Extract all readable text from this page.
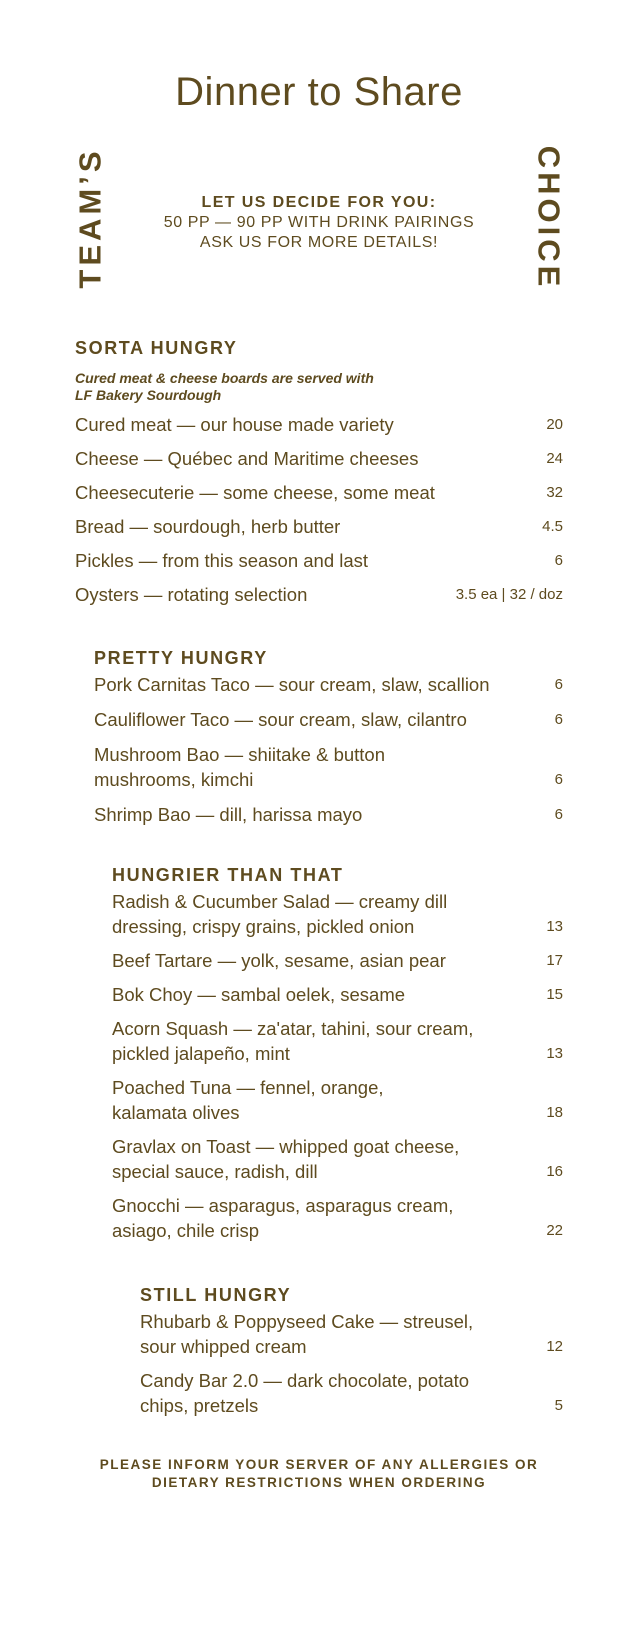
Dinner to Share
TEAM’S	CHOICE
LET US DECIDE FOR YOU:
50 PP — 90 PP WITH DRINK PAIRINGS
ASK US FOR MORE DETAILS!
SORTA HUNGRY

Cured meat & cheese boards are served with
LF Bakery Sourdough

Cured meat — our house made variety	20
Cheese — Québec and Maritime cheeses	24
Cheesecuterie — some cheese, some meat	32
Bread — sourdough, herb butter	4.5
Pickles — from this season and last	6
Oysters — rotating selection	3.5 ea | 32 / doz
PRETTY HUNGRY
Pork Carnitas Taco — sour cream, slaw, scallion	6
Cauliflower Taco — sour cream, slaw, cilantro	6
Mushroom Bao — shiitake & button
mushrooms, kimchi	6
Shrimp Bao — dill, harissa mayo	6
HUNGRIER THAN THAT
Radish & Cucumber Salad — creamy dill
dressing, crispy grains, pickled onion	13
Beef Tartare — yolk, sesame, asian pear	17
Bok Choy — sambal oelek, sesame	15
Acorn Squash — za'atar, tahini, sour cream,
pickled jalapeño, mint	13
Poached Tuna — fennel, orange,
kalamata olives	18
Gravlax on Toast — whipped goat cheese,
special sauce, radish, dill	16
Gnocchi — asparagus, asparagus cream,
asiago, chile crisp	22
STILL HUNGRY
Rhubarb & Poppyseed Cake — streusel,
sour whipped cream	12
Candy Bar 2.0 — dark chocolate, potato
chips, pretzels	5
PLEASE INFORM YOUR SERVER OF ANY ALLERGIES OR
DIETARY RESTRICTIONS WHEN ORDERING
